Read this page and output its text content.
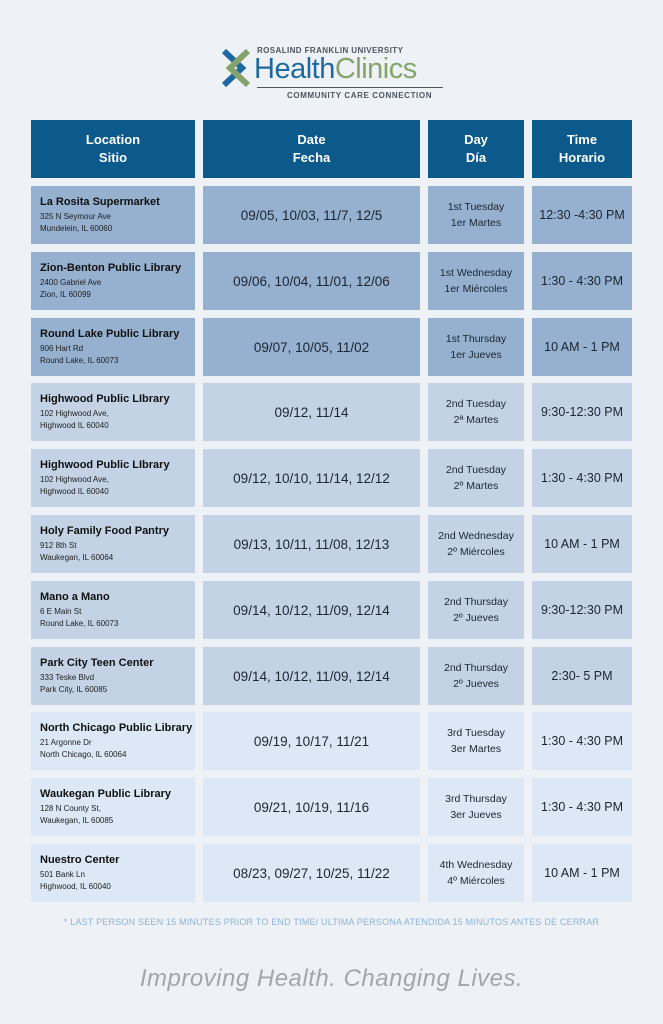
ROSALIND FRANKLIN UNIVERSITY
HealthClinics
COMMUNITY CARE CONNECTION
Location
Sitio
Date
Fecha
Day
Día
Time
Horario
La Rosita Supermarket
325 N Seymour Ave
Mundelein, IL 60060
09/05, 10/03, 11/7, 12/5
1st Tuesday
1er Martes
12:30 -4:30 PM
Zion-Benton Public Library
2400 Gabriel Ave
Zion, IL 60099
09/06, 10/04, 11/01, 12/06
1st Wednesday
1er Miércoles
1:30 - 4:30 PM
Round Lake Public Library
906 Hart Rd
Round Lake, IL 60073
09/07, 10/05, 11/02
1st Thursday
1er Jueves
10 AM - 1 PM
Highwood Public LIbrary
102 Highwood Ave,
Highwood IL 60040
09/12, 11/14
2nd Tuesday
2ª Martes
9:30-12:30 PM
Highwood Public LIbrary
102 Highwood Ave,
Highwood IL 60040
09/12, 10/10, 11/14, 12/12
2nd Tuesday
2º Martes
1:30 - 4:30 PM
Holy Family Food Pantry
912 8th St
Waukegan, IL 60064
09/13, 10/11, 11/08, 12/13
2nd Wednesday
2º Miércoles
10 AM - 1 PM
Mano a Mano
6 E Main St
Round Lake, IL 60073
09/14, 10/12, 11/09, 12/14
2nd Thursday
2º Jueves
9:30-12:30 PM
Park City Teen Center
333 Teske Blvd
Park City, IL 60085
09/14, 10/12, 11/09, 12/14
2nd Thursday
2º Jueves
2:30- 5 PM
North Chicago Public Library
21 Argonne Dr
North Chicago, IL 60064
09/19, 10/17, 11/21
3rd Tuesday
3er Martes
1:30 - 4:30 PM
Waukegan Public Library
128 N County St,
Waukegan, IL 60085
09/21, 10/19, 11/16
3rd Thursday
3er Jueves
1:30 - 4:30 PM
Nuestro Center
501 Bank Ln
Highwood, IL 60040
08/23, 09/27, 10/25, 11/22
4th Wednesday
4º Miércoles
10 AM - 1 PM
* LAST PERSON SEEN 15 MINUTES PRIOR TO END TIME/ ULTIMA PERSONA ATENDIDA 15 MINUTOS ANTES DE CERRAR
Improving Health. Changing Lives.
